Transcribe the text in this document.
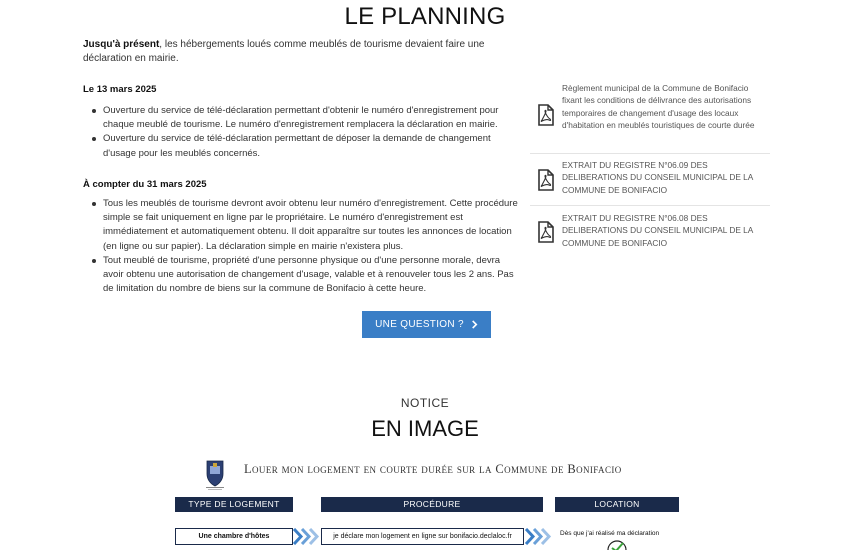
LE PLANNING

Jusqu'à présent, les hébergements loués comme meublés de tourisme devaient faire une déclaration en mairie.

Le 13 mars 2025
Ouverture du service de télé-déclaration permettant d'obtenir le numéro d'enregistrement pour chaque meublé de tourisme. Le numéro d'enregistrement remplacera la déclaration en mairie.
Ouverture du service de télé-déclaration permettant de déposer la demande de changement d'usage pour les meublés concernés.
À compter du 31 mars 2025
Tous les meublés de tourisme devront avoir obtenu leur numéro d'enregistrement. Cette procédure simple se fait uniquement en ligne par le propriétaire. Le numéro d'enregistrement est immédiatement et automatiquement obtenu. Il doit apparaître sur toutes les annonces de location (en ligne ou sur papier). La déclaration simple en mairie n'existera plus.
Tout meublé de tourisme, propriété d'une personne physique ou d'une personne morale, devra avoir obtenu une autorisation de changement d'usage, valable et à renouveler tous les 2 ans. Pas de limitation du nombre de biens sur la commune de Bonifacio à cette heure.
UNE QUESTION ?
Règlement municipal de la Commune de Bonifacio fixant les conditions de délivrance des autorisations temporaires de changement d'usage des locaux d'habitation en meublés touristiques de courte durée
EXTRAIT DU REGISTRE N°06.09 DES DELIBERATIONS DU CONSEIL MUNICIPAL DE LA COMMUNE DE BONIFACIO
EXTRAIT DU REGISTRE N°06.08 DES DELIBERATIONS DU CONSEIL MUNICIPAL DE LA COMMUNE DE BONIFACIO
NOTICE
EN IMAGE
Louer mon logement en courte durée sur la Commune de Bonifacio
TYPE DE LOGEMENT	PROCÉDURE	LOCATION
Une chambre d'hôtes	je déclare mon logement en ligne sur bonifacio.declaloc.fr	Dès que j'ai réalisé ma déclaration
